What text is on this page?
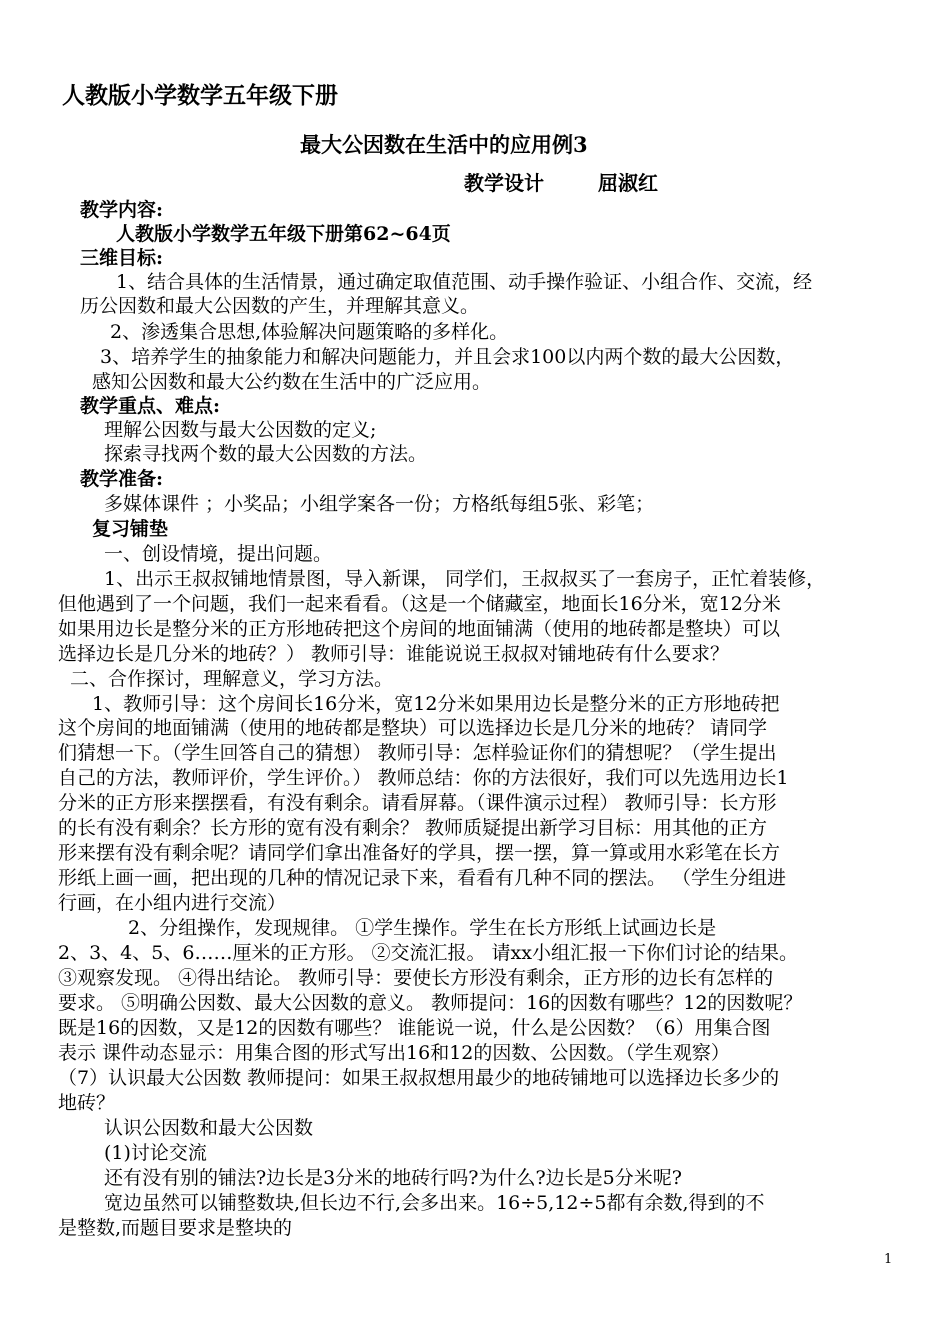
人教版小学数学五年级下册
最大公因数在生活中的应用例3
教学设计	屈淑红
教学内容:
人教版小学数学五年级下册第62~64页
三维目标:
1、结合具体的生活情景，通过确定取值范围、动手操作验证、小组合作、交流，经
历公因数和最大公因数的产生，并理解其意义。
2、渗透集合思想,体验解决问题策略的多样化。
3、培养学生的抽象能力和解决问题能力，并且会求100以内两个数的最大公因数，
感知公因数和最大公约数在生活中的广泛应用。
教学重点、难点:
理解公因数与最大公因数的定义;
探索寻找两个数的最大公因数的方法。
教学准备:
多媒体课件 ；小奖品；小组学案各一份；方格纸每组5张、彩笔；
复习铺垫
一、创设情境，提出问题。
1、出示王叔叔铺地情景图，导入新课， 同学们，王叔叔买了一套房子，正忙着装修，
但他遇到了一个问题，我们一起来看看。（这是一个储藏室，地面长16分米，宽12分米
如果用边长是整分米的正方形地砖把这个房间的地面铺满（使用的地砖都是整块）可以
选择边长是几分米的地砖？） 教师引导：谁能说说王叔叔对铺地砖有什么要求？
二、合作探讨，理解意义，学习方法。
1、教师引导：这个房间长16分米，宽12分米如果用边长是整分米的正方形地砖把
这个房间的地面铺满（使用的地砖都是整块）可以选择边长是几分米的地砖？ 请同学
们猜想一下。（学生回答自己的猜想） 教师引导：怎样验证你们的猜想呢？（学生提出
自己的方法，教师评价，学生评价。） 教师总结：你的方法很好，我们可以先选用边长1
分米的正方形来摆摆看，有没有剩余。请看屏幕。（课件演示过程） 教师引导：长方形
的长有没有剩余？长方形的宽有没有剩余？ 教师质疑提出新学习目标：用其他的正方
形来摆有没有剩余呢？请同学们拿出准备好的学具，摆一摆，算一算或用水彩笔在长方
形纸上画一画，把出现的几种的情况记录下来，看看有几种不同的摆法。 （学生分组进
行画，在小组内进行交流）
2、分组操作，发现规律。 ①学生操作。学生在长方形纸上试画边长是
2、3、4、5、6……厘米的正方形。 ②交流汇报。 请xx小组汇报一下你们讨论的结果。
③观察发现。 ④得出结论。 教师引导：要使长方形没有剩余，正方形的边长有怎样的
要求。 ⑤明确公因数、最大公因数的意义。 教师提问：16的因数有哪些？12的因数呢？
既是16的因数，又是12的因数有哪些？ 谁能说一说，什么是公因数？（6）用集合图
表示 课件动态显示：用集合图的形式写出16和12的因数、公因数。（学生观察）
（7）认识最大公因数 教师提问：如果王叔叔想用最少的地砖铺地可以选择边长多少的
地砖？
认识公因数和最大公因数
(1)讨论交流
还有没有别的铺法?边长是3分米的地砖行吗?为什么?边长是5分米呢?
宽边虽然可以铺整数块,但长边不行,会多出来。16÷5,12÷5都有余数,得到的不
是整数,而题目要求是整块的
1
